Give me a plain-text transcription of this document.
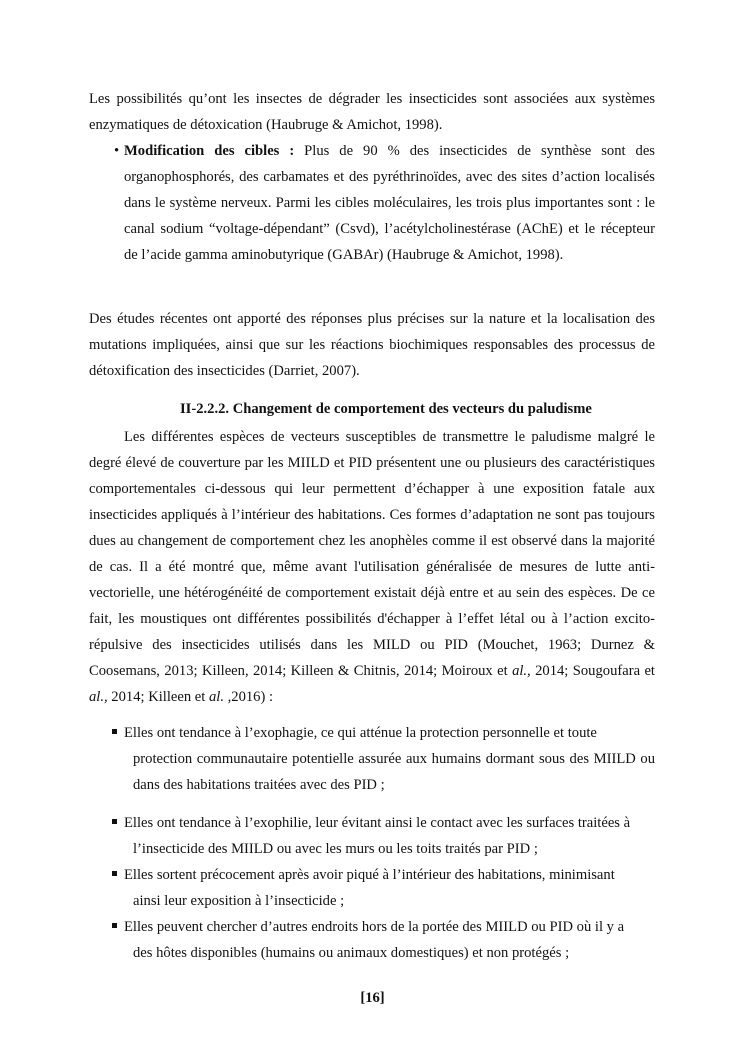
Les possibilités qu’ont les insectes de dégrader les insecticides sont associées aux systèmes enzymatiques de détoxication (Haubruge & Amichot, 1998).

• Modification des cibles : Plus de 90 % des insecticides de synthèse sont des organophosphorés, des carbamates et des pyréthrinoïdes, avec des sites d’action localisés dans le système nerveux. Parmi les cibles moléculaires, les trois plus importantes sont : le canal sodium “voltage-dépendant” (Csvd), l’acétylcholinestérase (AChE) et le récepteur de l’acide gamma aminobutyrique (GABAr) (Haubruge & Amichot, 1998).

Des études récentes ont apporté des réponses plus précises sur la nature et la localisation des mutations impliquées, ainsi que sur les réactions biochimiques responsables des processus de détoxification des insecticides (Darriet, 2007).

II-2.2.2. Changement de comportement des vecteurs du paludisme

Les différentes espèces de vecteurs susceptibles de transmettre le paludisme malgré le degré élevé de couverture par les MIILD et PID présentent une ou plusieurs des caractéristiques comportementales ci-dessous qui leur permettent d’échapper à une exposition fatale aux insecticides appliqués à l’intérieur des habitations. Ces formes d’adaptation ne sont pas toujours dues au changement de comportement chez les anophèles comme il est observé dans la majorité de cas. Il a été montré que, même avant l'utilisation généralisée de mesures de lutte anti-vectorielle, une hétérogénéité de comportement existait déjà entre et au sein des espèces. De ce fait, les moustiques ont différentes possibilités d'échapper à l’effet létal ou à l’action excito-répulsive des insecticides utilisés dans les MILD ou PID (Mouchet, 1963; Durnez & Coosemans, 2013; Killeen, 2014; Killeen & Chitnis, 2014; Moiroux et al., 2014; Sougoufara et al., 2014; Killeen et al. ,2016) :

Elles ont tendance à l’exophagie, ce qui atténue la protection personnelle et toute
protection communautaire potentielle assurée aux humains dormant sous des MIILD ou dans des habitations traitées avec des PID ;

Elles ont tendance à l’exophilie, leur évitant ainsi le contact avec les surfaces traitées à
l’insecticide des MIILD ou avec les murs ou les toits traités par PID ;

Elles sortent précocement après avoir piqué à l’intérieur des habitations, minimisant
ainsi leur exposition à l’insecticide ;

Elles peuvent chercher d’autres endroits hors de la portée des MIILD ou PID où il y a
des hôtes disponibles (humains ou animaux domestiques) et non protégés ;

[16]
